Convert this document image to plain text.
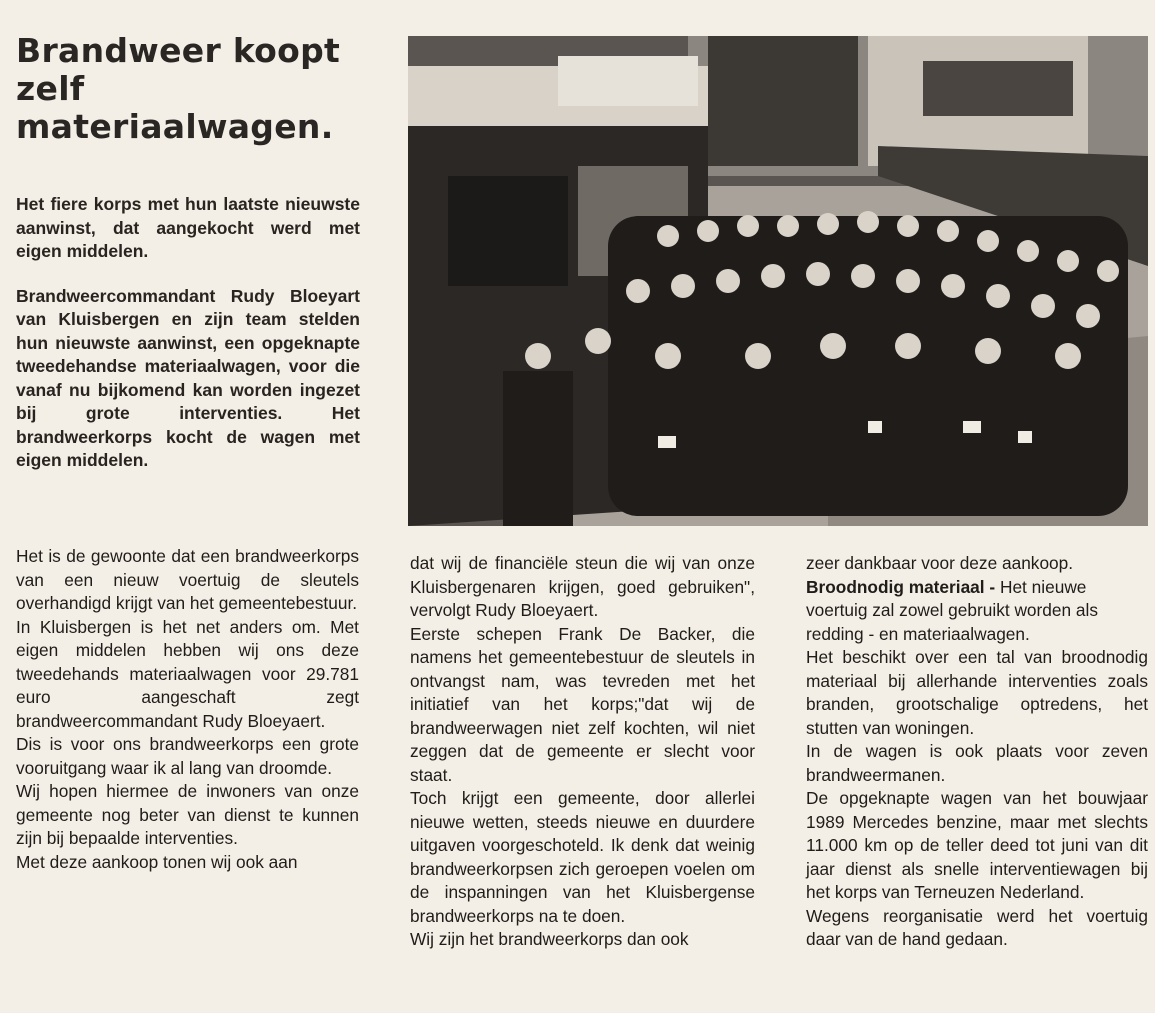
Brandweer koopt zelf materiaalwagen.

Het fiere korps met hun laatste nieuwste aanwinst, dat aangekocht werd met eigen middelen.

Brandweercommandant Rudy Bloeyart van Kluisbergen en zijn team stelden hun nieuwste aanwinst, een opgeknapte tweedehandse materiaalwagen, voor die vanaf nu bijkomend kan worden ingezet bij grote interventies. Het brandweerkorps kocht de wagen met eigen middelen.

Het is de gewoonte dat een brandweerkorps van een nieuw voertuig de sleutels overhandigd krijgt van het gemeentebestuur.

In Kluisbergen is het net anders om. Met eigen middelen hebben wij ons deze tweedehands materiaalwagen voor 29.781 euro aangeschaft zegt brandweercommandant Rudy Bloeyaert.

Dis is voor ons brandweerkorps een grote vooruitgang waar ik al lang van droomde.

Wij hopen hiermee de inwoners van onze gemeente nog beter van dienst te kunnen zijn bij bepaalde interventies.

Met deze aankoop tonen wij ook aan

dat wij de financiële steun die wij van onze Kluisbergenaren krijgen, goed gebruiken", vervolgt Rudy Bloeyaert.

Eerste schepen Frank De Backer, die namens het gemeentebestuur de sleutels in ontvangst nam, was tevreden met het initiatief van het korps;"dat wij de brandweerwagen niet zelf kochten, wil niet zeggen dat de gemeente er slecht voor staat.

Toch krijgt een gemeente, door allerlei nieuwe wetten, steeds nieuwe en duurdere uitgaven voorgeschoteld. Ik denk dat weinig brandweerkorpsen zich geroepen voelen om de inspanningen van het Kluisbergense brandweerkorps na te doen.

Wij zijn het brandweerkorps dan ook

zeer dankbaar voor deze aankoop.

Broodnodig materiaal - Het nieuwe voertuig zal zowel gebruikt worden als redding - en materiaalwagen.

Het beschikt over een tal van broodnodig materiaal bij allerhande interventies zoals branden, grootschalige optredens, het stutten van woningen.

In de wagen is ook plaats voor zeven brandweermanen.

De opgeknapte wagen van het bouwjaar 1989 Mercedes benzine, maar met slechts 11.000 km op de teller deed tot juni van dit jaar dienst als snelle interventiewagen bij het korps van Terneuzen Nederland.

Wegens reorganisatie werd het voertuig daar van de hand gedaan.
